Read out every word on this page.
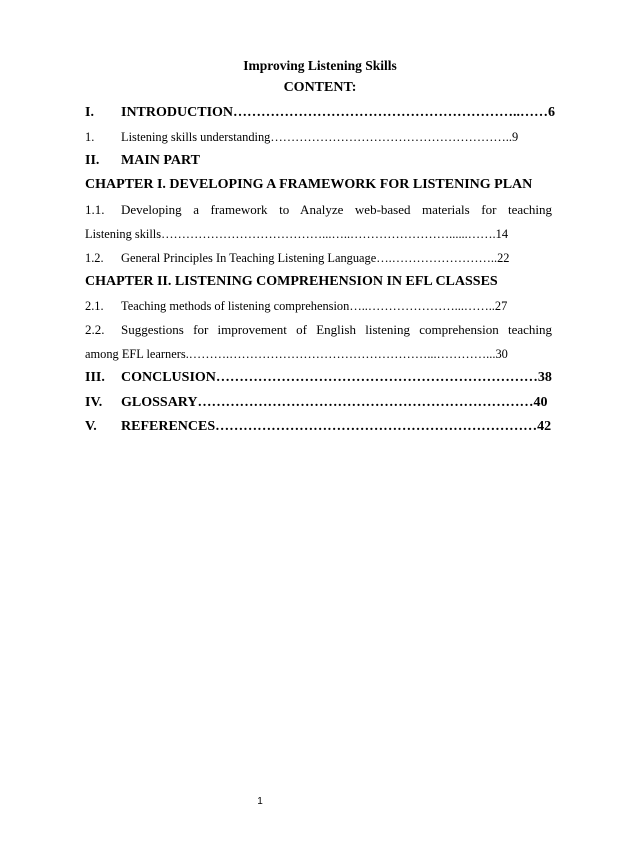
Improving Listening Skills
CONTENT:
I. INTRODUCTION……………………………………………………..……6
1. Listening skills understanding…………………………………………………..9
II. MAIN PART
CHAPTER I. DEVELOPING A FRAMEWORK FOR LISTENING PLAN
1.1. Developing a framework to Analyze web-based materials for teaching
Listening skills…………………………………...…..……………………......…….14
1.2. General Principles In Teaching Listening Language….……………………..22
CHAPTER II. LISTENING COMPREHENSION IN EFL CLASSES
2.1. Teaching methods of listening comprehension…..…………………...……..27
2.2. Suggestions for improvement of English listening comprehension teaching
among EFL learners.……….…………………………………………...…………...30
III. CONCLUSION……………………………………………………………38
IV. GLOSSARY………………………………………………………………40
V. REFERENCES……………………………………………………………42
1
